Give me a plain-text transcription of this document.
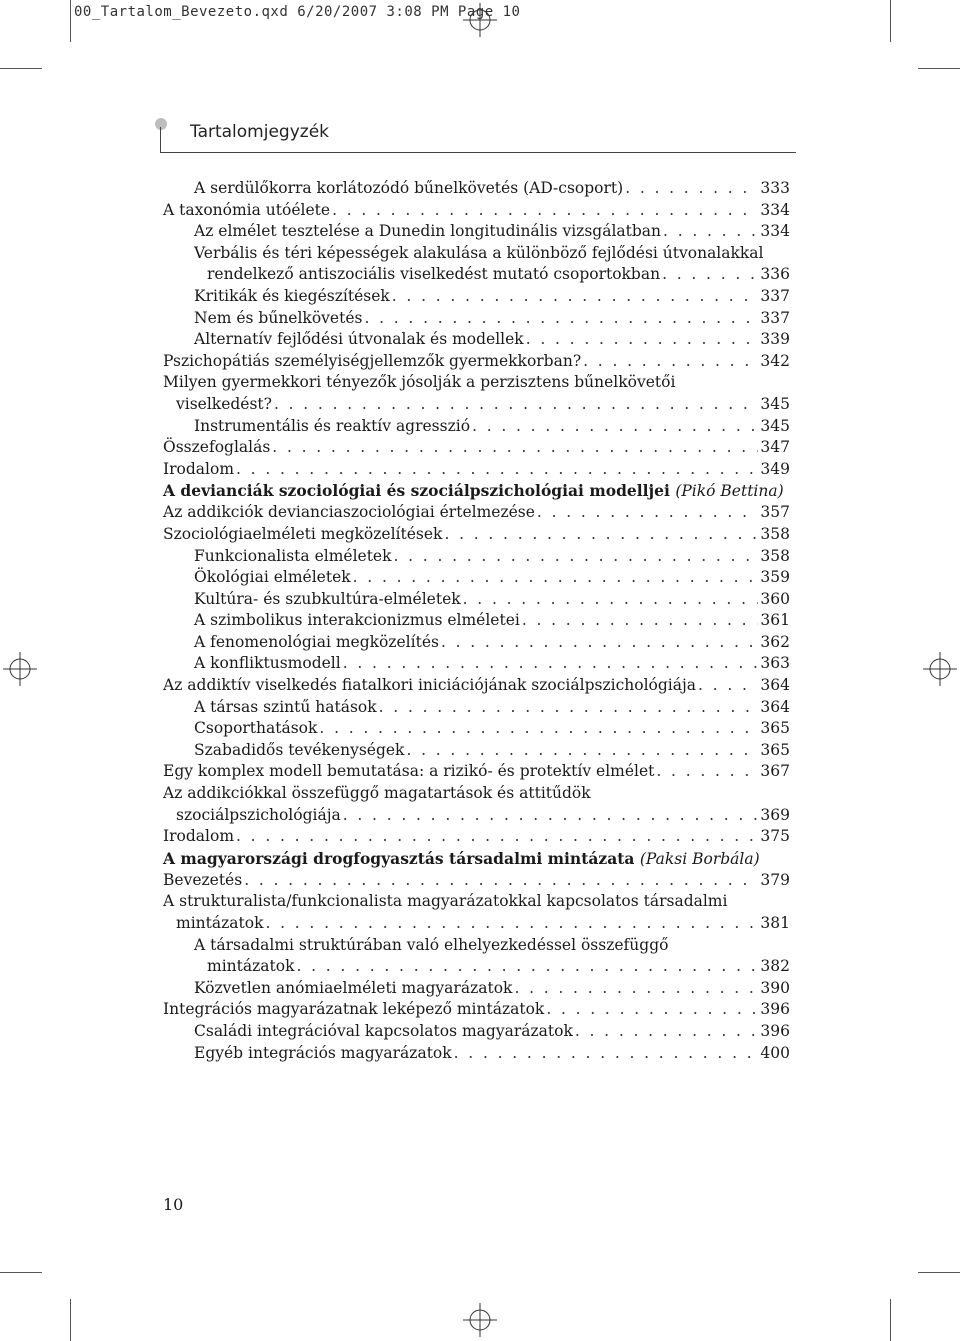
00_Tartalom_Bevezeto.qxd 6/20/2007 3:08 PM Page 10
Tartalomjegyzék
A serdülőkorra korlátozódó bűnelkövetés (AD-csoport) . . .	333
A taxonómia utóélete . . .	334
Az elmélet tesztelése a Dunedin longitudinális vizsgálatban . . .	334
Verbális és téri képességek alakulása a különböző fejlődési útvonalakkal
rendelkező antiszociális viselkedést mutató csoportokban . . .	336
Kritikák és kiegészítések . . .	337
Nem és bűnelkövetés . . .	337
Alternatív fejlődési útvonalak és modellek . . .	339
Pszichopátiás személyiségjellemzők gyermekkorban? . . .	342
Milyen gyermekkori tényezők jósolják a perzisztens bűnelkövetői
viselkedést? . . .	345
Instrumentális és reaktív agresszió . . .	345
Összefoglalás . . .	347
Irodalom . . .	349
A devianciák szociológiai és szociálpszichológiai modelljei (Pikó Bettina)
Az addikciók devianciaszociológiai értelmezése . . .	357
Szociológiaelméleti megközelítések . . .	358
Funkcionalista elméletek . . .	358
Ökológiai elméletek . . .	359
Kultúra- és szubkultúra-elméletek . . .	360
A szimbolikus interakcionizmus elméletei . . .	361
A fenomenológiai megközelítés . . .	362
A konfliktusmodell . . .	363
Az addiktív viselkedés fiatalkori iniciációjának szociálpszichológiája . . .	364
A társas szintű hatások . . .	364
Csoporthatások . . .	365
Szabadidős tevékenységek . . .	365
Egy komplex modell bemutatása: a rizikó- és protektív elmélet . . .	367
Az addikciókkal összefüggő magatartások és attitűdök
szociálpszichológiája . . .	369
Irodalom . . .	375
A magyarországi drogfogyasztás társadalmi mintázata (Paksi Borbála)
Bevezetés . . .	379
A strukturalista/funkcionalista magyarázatokkal kapcsolatos társadalmi
mintázatok . . .	381
A társadalmi struktúrában való elhelyezkedéssel összefüggő
mintázatok . . .	382
Közvetlen anómiaelméleti magyarázatok . . .	390
Integrációs magyarázatnak leképező mintázatok . . .	396
Családi integrációval kapcsolatos magyarázatok . . .	396
Egyéb integrációs magyarázatok . . .	400
10
